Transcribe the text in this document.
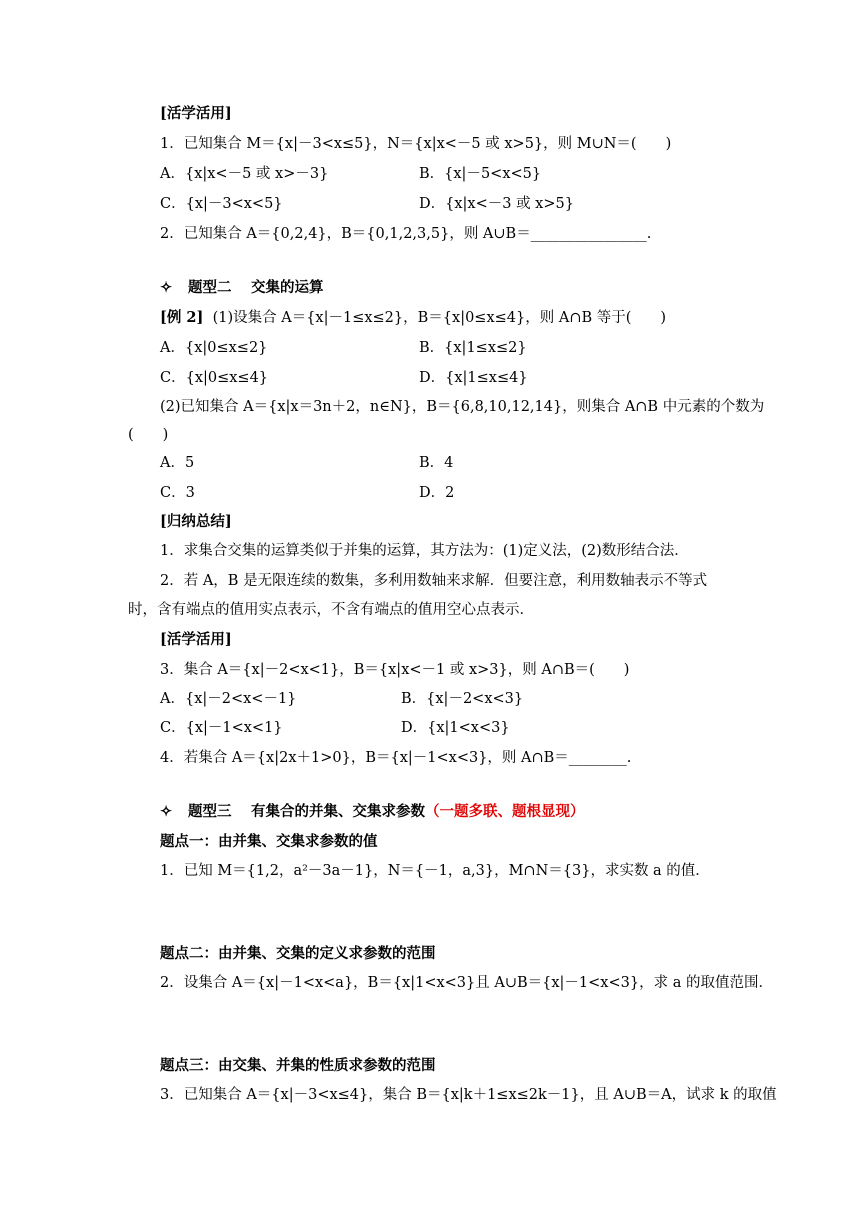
[活学活用]
1．已知集合 M＝{x|－3<x≤5}，N＝{x|x<－5 或 x>5}，则 M∪N＝(　　)
A．{x|x<－5 或 x>－3}	B．{x|－5<x<5}
C．{x|－3<x<5}	D．{x|x<－3 或 x>5}
2．已知集合 A＝{0,2,4}，B＝{0,1,2,3,5}，则 A∪B＝________________.
✧ 题型二　 交集的运算
[例 2] (1)设集合 A＝{x|－1≤x≤2}，B＝{x|0≤x≤4}，则 A∩B 等于(　　)
A．{x|0≤x≤2}	B．{x|1≤x≤2}
C．{x|0≤x≤4}	D．{x|1≤x≤4}
(2)已知集合 A＝{x|x＝3n＋2，n∈N}，B＝{6,8,10,12,14}，则集合 A∩B 中元素的个数为
(　　)
A．5	B．4
C．3	D．2
[归纳总结]
1．求集合交集的运算类似于并集的运算，其方法为：(1)定义法，(2)数形结合法．
2．若 A，B 是无限连续的数集，多利用数轴来求解．但要注意，利用数轴表示不等式
时，含有端点的值用实点表示，不含有端点的值用空心点表示．
[活学活用]
3．集合 A＝{x|－2<x<1}，B＝{x|x<－1 或 x>3}，则 A∩B＝(　　)
A．{x|－2<x<－1}	B．{x|－2<x<3}
C．{x|－1<x<1}	D．{x|1<x<3}
4．若集合 A＝{x|2x＋1>0}，B＝{x|－1<x<3}，则 A∩B＝________.
✧ 题型三　 有集合的并集、交集求参数（一题多联、题根显现）
题点一：由并集、交集求参数的值
1．已知 M＝{1,2，a²－3a－1}，N＝{－1，a,3}，M∩N＝{3}，求实数 a 的值．
题点二：由并集、交集的定义求参数的范围
2．设集合 A＝{x|－1<x<a}，B＝{x|1<x<3}且 A∪B＝{x|－1<x<3}，求 a 的取值范围．
题点三：由交集、并集的性质求参数的范围
3．已知集合 A＝{x|－3<x≤4}，集合 B＝{x|k＋1≤x≤2k－1}，且 A∪B＝A，试求 k 的取值
